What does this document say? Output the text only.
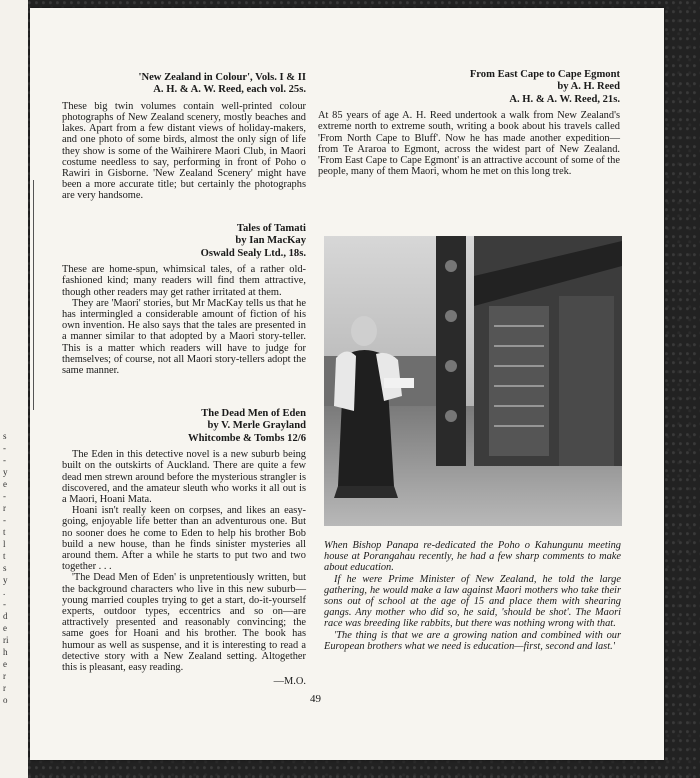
s
-
-
y
e
-
r
-
t
l
t
s
y
.
-
d
e
ri
h
e
r
r
o
'New Zealand in Colour', Vols. I & II
A. H. & A. W. Reed, each vol. 25s.

These big twin volumes contain well-printed colour photographs of New Zealand scenery, mostly beaches and lakes. Apart from a few distant views of holiday-makers, and one photo of some birds, almost the only sign of life they show is some of the Waihirere Maori Club, in Maori costume needless to say, performing in front of Poho o Rawiri in Gisborne. 'New Zealand Scenery' might have been a more accurate title; but certainly the photographs are very handsome.

Tales of Tamati
by Ian MacKay
Oswald Sealy Ltd., 18s.

These are home-spun, whimsical tales, of a rather old-fashioned kind; many readers will find them attractive, though other readers may get rather irritated at them.

They are 'Maori' stories, but Mr MacKay tells us that he has intermingled a considerable amount of fiction of his own invention. He also says that the tales are presented in a manner similar to that adopted by a Maori story-teller. This is a matter which readers will have to judge for themselves; of course, not all Maori story-tellers adopt the same manner.

The Dead Men of Eden
by V. Merle Grayland
Whitcombe & Tombs 12/6

The Eden in this detective novel is a new suburb being built on the outskirts of Auckland. There are quite a few dead men strewn around before the mysterious strangler is discovered, and the amateur sleuth who works it all out is a Maori, Hoani Mata.

Hoani isn't really keen on corpses, and likes an easy-going, enjoyable life better than an adventurous one. But no sooner does he come to Eden to help his brother Bob build a new house, than he finds sinister mysteries all around them. After a while he starts to put two and two together . . .

'The Dead Men of Eden' is unpretentiously written, but the background characters who live in this new suburb—young married couples trying to get a start, do-it-yourself experts, outdoor types, eccentrics and so on—are attractively presented and reasonably convincing; the same goes for Hoani and his brother. The book has humour as well as suspense, and it is interesting to read a detective story with a New Zealand setting. Altogether this is pleasant, easy reading.

—M.O.
From East Cape to Cape Egmont
by A. H. Reed
A. H. & A. W. Reed, 21s.

At 85 years of age A. H. Reed undertook a walk from New Zealand's extreme north to extreme south, writing a book about his travels called 'From North Cape to Bluff'. Now he has made another expedition—from Te Araroa to Egmont, across the widest part of New Zealand. 'From East Cape to Cape Egmont' is an attractive account of some of the people, many of them Maori, whom he met on this long trek.

When Bishop Panapa re-dedicated the Poho o Kahungunu meeting house at Porangahau recently, he had a few sharp comments to make about education.

If he were Prime Minister of New Zealand, he told the large gathering, he would make a law against Maori mothers who take their sons out of school at the age of 15 and place them with shearing gangs. Any mother who did so, he said, 'should be shot'. The Maori race was breeding like rabbits, but there was nothing wrong with that.

'The thing is that we are a growing nation and combined with our European brothers what we need is education—first, second and last.'

49
